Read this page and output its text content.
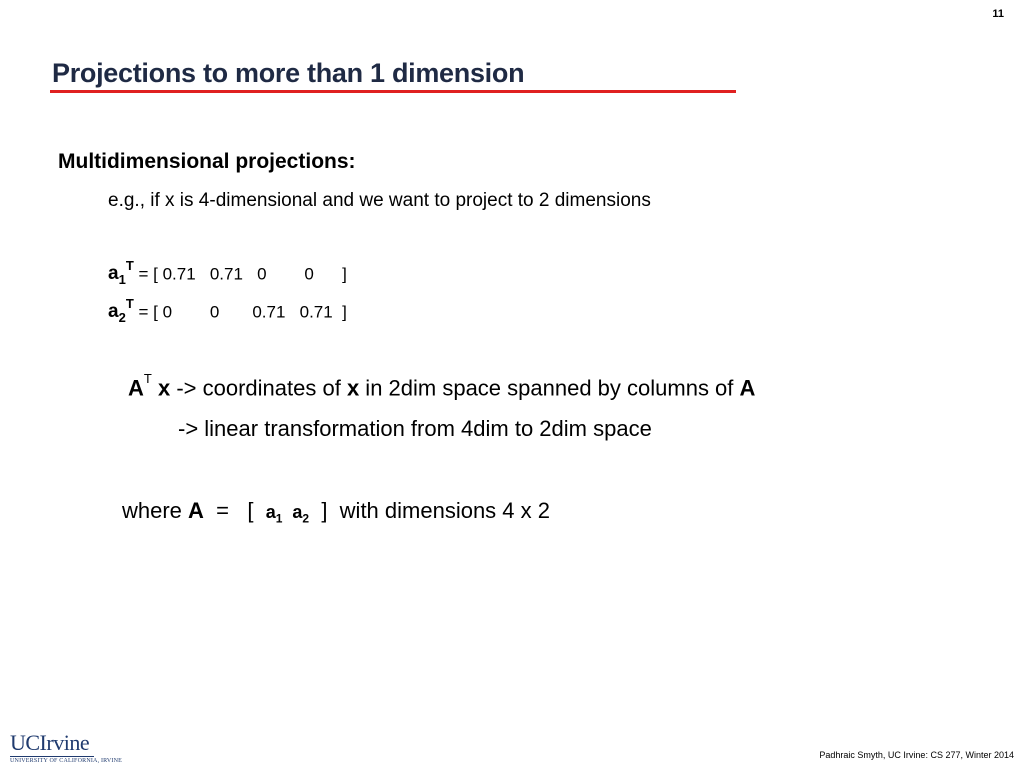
11
Projections to more than 1 dimension
Multidimensional projections:
e.g., if x is 4-dimensional and we want to project to 2 dimensions
$a_1^T$ = [ 0.71   0.71   0        0      ]
$a_2^T$ = [ 0        0       0.71   0.71  ]
$A^T$ x -> coordinates of x in 2dim space spanned by columns of A
-> linear transformation from 4dim to 2dim space
where A  =   [  $a_1$ $a_2$  ]  with dimensions 4 x 2
UCIrvine
UNIVERSITY OF CALIFORNIA, IRVINE
Padhraic Smyth, UC Irvine: CS 277, Winter 2014
